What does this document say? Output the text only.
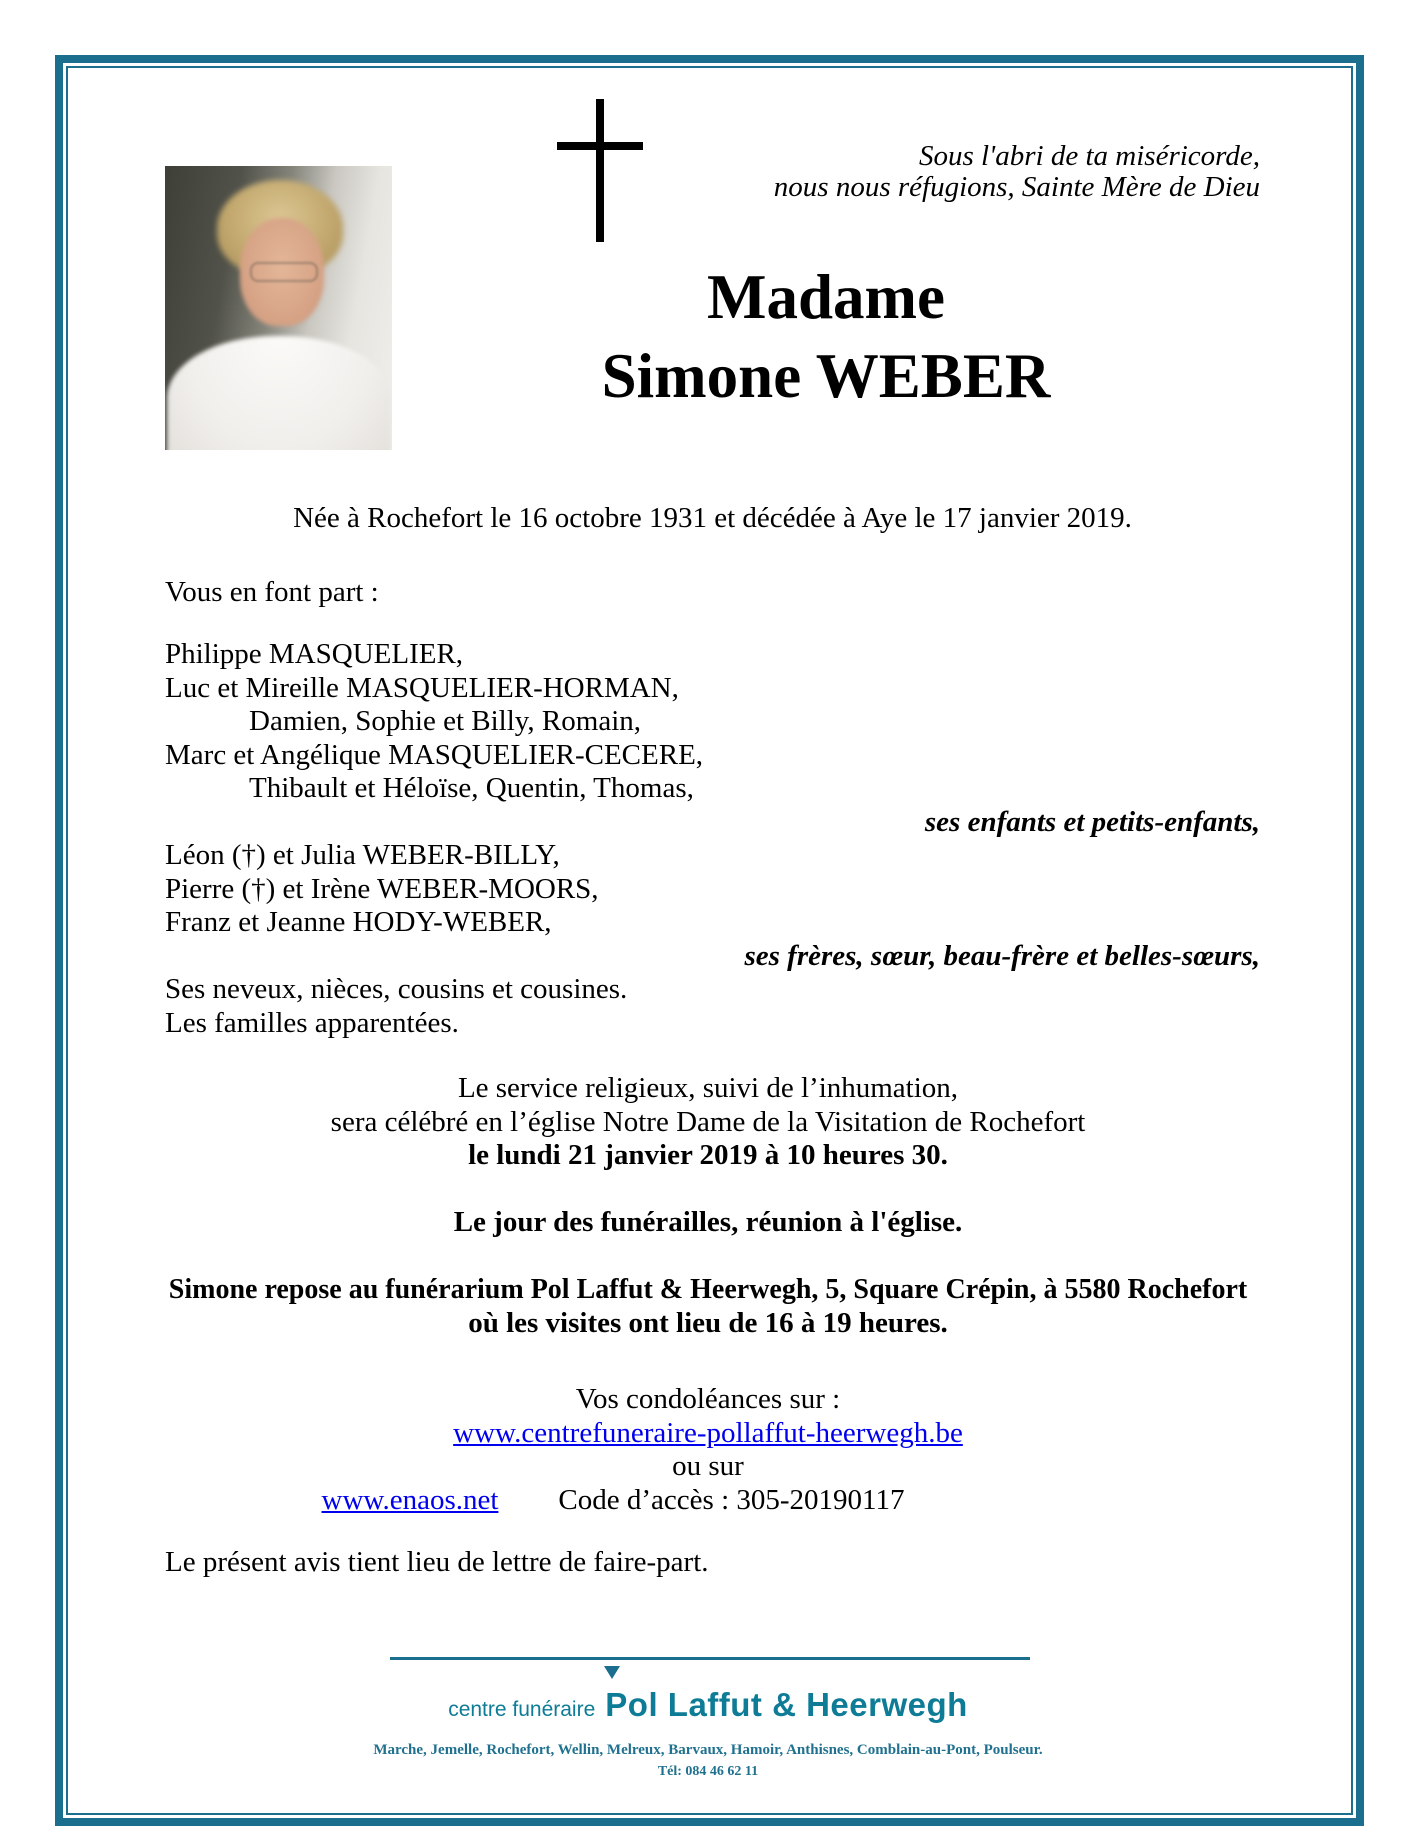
Sous l'abri de ta miséricorde,
nous nous réfugions, Sainte Mère de Dieu
Madame
Simone WEBER
Née à Rochefort le 16 octobre 1931 et décédée à Aye le 17 janvier 2019.
Vous en font part :
Philippe MASQUELIER,
Luc et Mireille MASQUELIER-HORMAN,
Damien, Sophie et Billy, Romain,
Marc et Angélique MASQUELIER-CECERE,
Thibault et Héloïse, Quentin, Thomas,
ses enfants et petits-enfants,
Léon (†) et Julia WEBER-BILLY,
Pierre (†) et Irène WEBER-MOORS,
Franz et Jeanne HODY-WEBER,
ses frères, sœur, beau-frère et belles-sœurs,
Ses neveux, nièces, cousins et cousines.
Les familles apparentées.
Le service religieux, suivi de l’inhumation,
sera célébré en l’église Notre Dame de la Visitation de Rochefort
le lundi 21 janvier 2019 à 10 heures 30.
Le jour des funérailles, réunion à l'église.
Simone repose au funérarium Pol Laffut & Heerwegh, 5, Square Crépin, à 5580 Rochefort
où les visites ont lieu de 16 à 19 heures.
Vos condoléances sur :
www.centrefuneraire-pollaffut-heerwegh.be
ou sur
www.enaos.net Code d’accès : 305-20190117
Le présent avis tient lieu de lettre de faire-part.
centre funéraire Pol Laffut & Heerwegh
Marche, Jemelle, Rochefort, Wellin, Melreux, Barvaux, Hamoir, Anthisnes, Comblain-au-Pont, Poulseur.
Tél: 084 46 62 11
